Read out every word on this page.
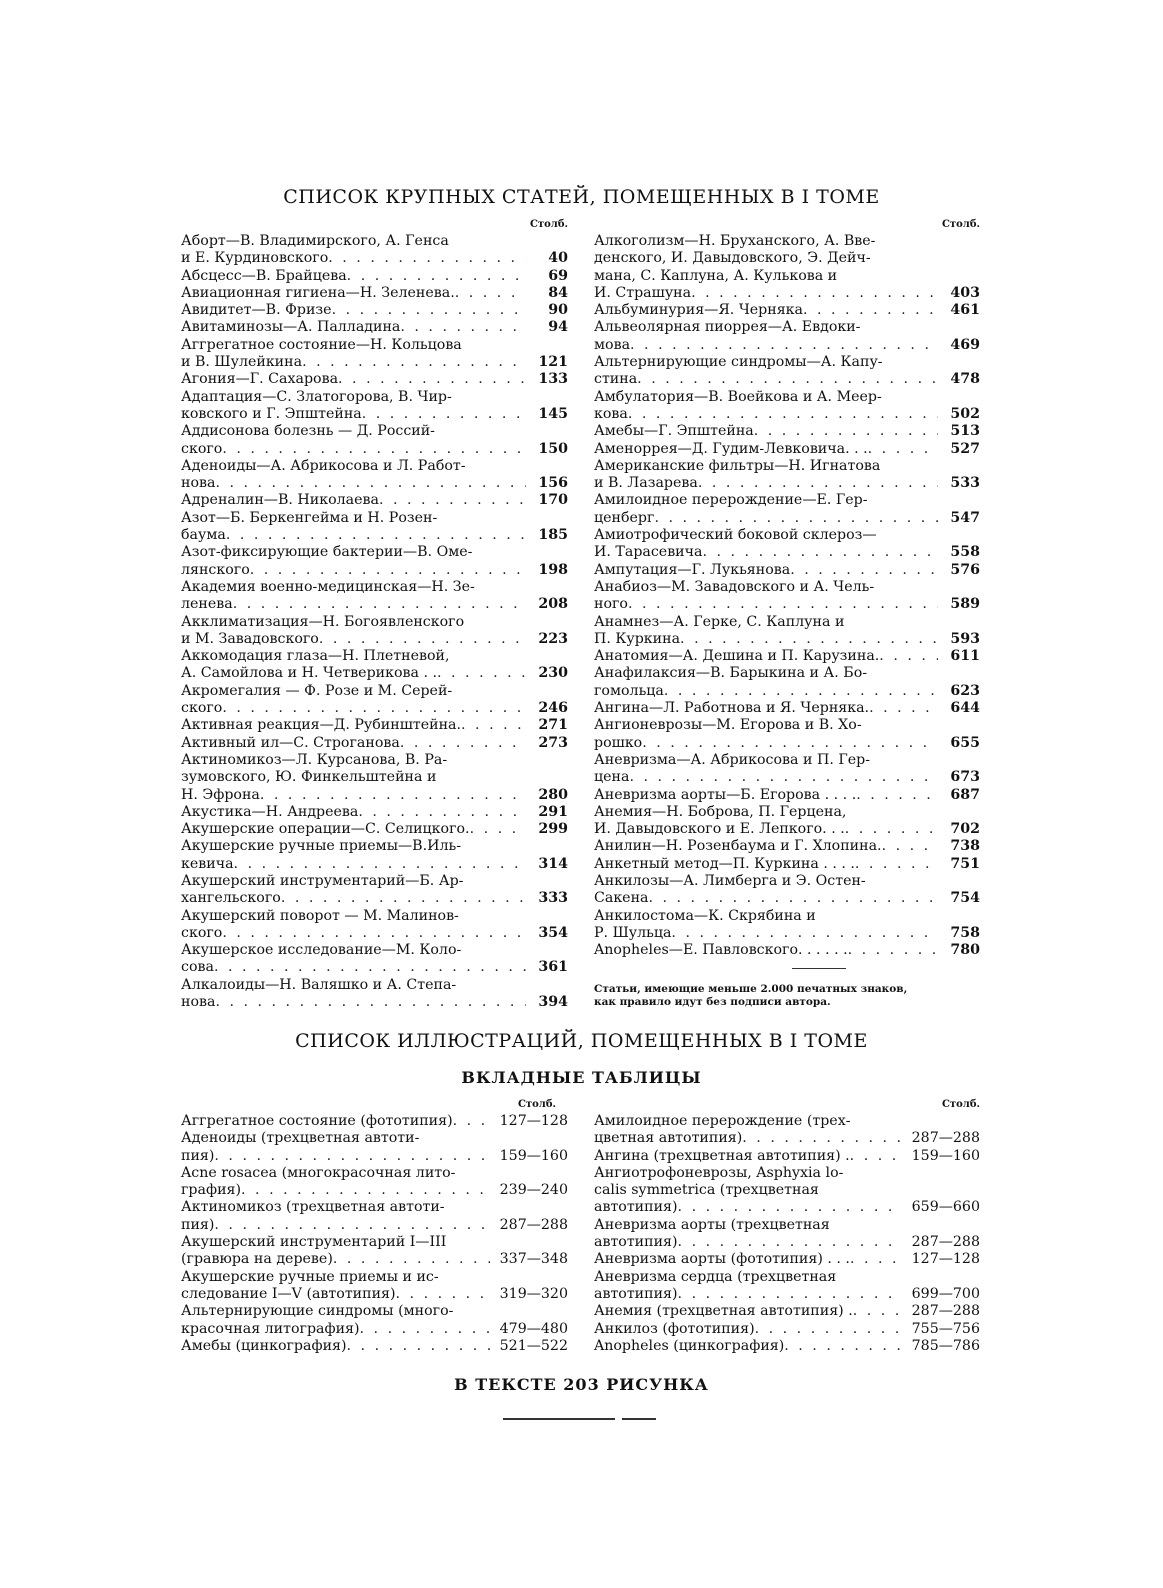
СПИСОК КРУПНЫХ СТАТЕЙ, ПОМЕЩЕННЫХ В I ТОМЕ
Столб.
Аборт—В. Владимирского, А. Генса
и Е. Курдиновского . . .	40
Абсцесс—В. Брайцева . . .	69
Авиационная гигиена—Н. Зеленева. . . .	84
Авидитет—В. Фризе . . .	90
Авитаминозы—А. Палладина . . .	94
Аггрегатное состояние—Н. Кольцова
и В. Шулейкина . . .	121
Агония—Г. Сахарова . . .	133
Адаптация—С. Златогорова, В. Чир-
ковского и Г. Эпштейна . . .	145
Аддисонова болезнь — Д. Россий-
ского . . .	150
Аденоиды—А. Абрикосова и Л. Работ-
нова . . .	156
Адреналин—В. Николаева . . .	170
Азот—Б. Беркенгейма и Н. Розен-
баума . . .	185
Азот-фиксирующие бактерии—В. Оме-
лянского . . .	198
Академия военно-медицинская—Н. Зе-
ленева . . .	208
Акклиматизация—Н. Богоявленского
и М. Завадовского . . .	223
Аккомодация глаза—Н. Плетневой,
А. Самойлова и Н. Четверикова . . . . .	230
Акромегалия — Ф. Розе и М. Серей-
ского . . .	246
Активная реакция—Д. Рубинштейна. . . .	271
Активный ил—С. Строганова . . .	273
Актиномикоз—Л. Курсанова, В. Ра-
зумовского, Ю. Финкельштейна и
Н. Эфрона . . .	280
Акустика—Н. Андреева . . .	291
Акушерские операции—С. Селицкого. . . .	299
Акушерские ручные приемы—В.Иль-
кевича . . .	314
Акушерский инструментарий—Б. Ар-
хангельского . . .	333
Акушерский поворот — М. Малинов-
ского . . .	354
Акушерское исследование—М. Коло-
сова . . .	361
Алкалоиды—Н. Валяшко и А. Степа-
нова . . .	394
Столб.
Алкоголизм—Н. Бруханского, А. Вве-
денского, И. Давыдовского, Э. Дейч-
мана, С. Каплуна, А. Кулькова и
И. Страшуна . . .	403
Альбуминурия—Я. Черняка . . .	461
Альвеолярная пиоррея—А. Евдоки-
мова . . .	469
Альтернирующие синдромы—А. Капу-
стина . . .	478
Амбулатория—В. Воейкова и А. Меер-
кова . . .	502
Амебы—Г. Эпштейна . . .	513
Аменоррея—Д. Гудим-Левковича. . . . . .	527
Американские фильтры—Н. Игнатова
и В. Лазарева . . .	533
Амилоидное перерождение—Е. Гер-
ценберг . . .	547
Амиотрофический боковой склероз—
И. Тарасевича . . .	558
Ампутация—Г. Лукьянова . . .	576
Анабиоз—М. Завадовского и А. Чель-
ного . . .	589
Анамнез—А. Герке, С. Каплуна и
П. Куркина . . .	593
Анатомия—А. Дешина и П. Карузина. . . .	611
Анафилаксия—В. Барыкина и А. Бо-
гомольца . . .	623
Ангина—Л. Работнова и Я. Черняка. . . .	644
Ангионеврозы—М. Егорова и В. Хо-
рошко . . .	655
Аневризма—А. Абрикосова и П. Гер-
цена . . .	673
Аневризма аорты—Б. Егорова . . . . . . .	687
Анемия—Н. Боброва, П. Герцена,
И. Давыдовского и Е. Лепкого. . . . . .	702
Анилин—Н. Розенбаума и Г. Хлопина. . . .	738
Анкетный метод—П. Куркина . . . . . . .	751
Анкилозы—А. Лимберга и Э. Остен-
Сакена . . .	754
Анкилостома—К. Скрябина и
Р. Шульца . . .	758
Anopheles—Е. Павловского. . . . . . . . .	780
Статьи, имеющие меньше 2.000 печатных знаков,
как правило идут без подписи автора.
СПИСОК ИЛЛЮСТРАЦИЙ, ПОМЕЩЕННЫХ В I ТОМЕ
ВКЛАДНЫЕ ТАБЛИЦЫ
Столб.
Аггрегатное состояние (фототипия) . . .	127—128
Аденоиды (трехцветная автоти-
пия) . . .	159—160
Acne rosacea (многокрасочная лито-
графия) . . .	239—240
Актиномикоз (трехцветная автоти-
пия) . . .	287—288
Акушерский инструментарий I—III
(гравюра на дереве) . . .	337—348
Акушерские ручные приемы и ис-
следование I—V (автотипия) . . .	319—320
Альтернирующие синдромы (много-
красочная литография) . . .	479—480
Амебы (цинкография) . . .	521—522
Столб.
Амилоидное перерождение (трех-
цветная автотипия) . . .	287—288
Ангина (трехцветная автотипия) . . . .	159—160
Ангиотрофоневрозы, Asphyxia lo-
calis symmetrica (трехцветная
автотипия) . . .	659—660
Аневризма аорты (трехцветная
автотипия) . . .	287—288
Аневризма аорты (фототипия) . . . . . .	127—128
Аневризма сердца (трехцветная
автотипия) . . .	699—700
Анемия (трехцветная автотипия) . . . .	287—288
Анкилоз (фототипия) . . .	755—756
Anopheles (цинкография) . . .	785—786
В ТЕКСТЕ 203 РИСУНКА
